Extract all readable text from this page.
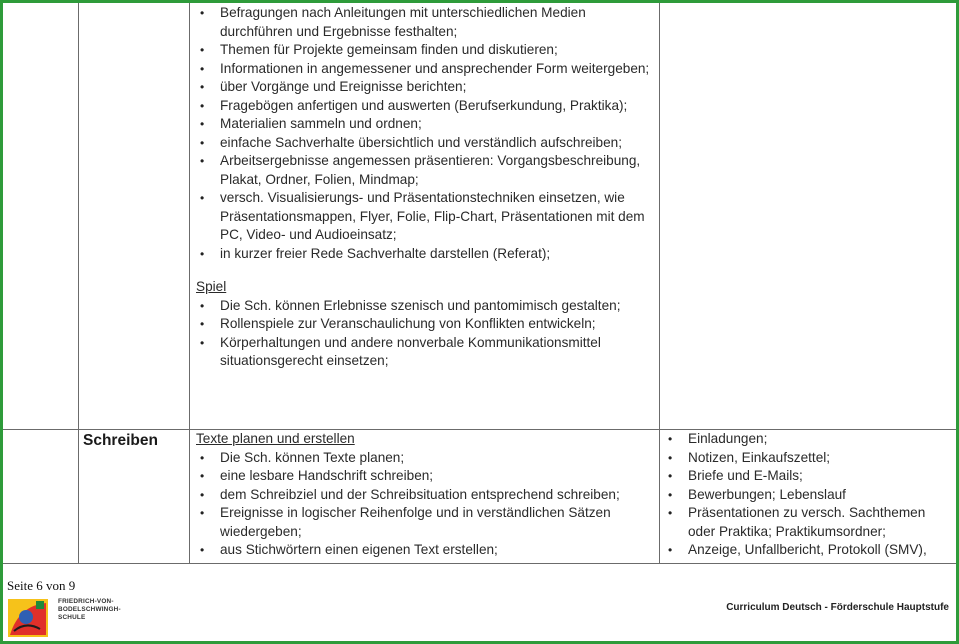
• Befragungen nach Anleitungen mit unterschiedlichen Medien durchführen und Ergebnisse festhalten;
• Themen für Projekte gemeinsam finden und diskutieren;
• Informationen in angemessener und ansprechender Form weitergeben;
• über Vorgänge und Ereignisse berichten;
• Fragebögen anfertigen und auswerten (Berufserkundung, Praktika);
• Materialien sammeln und ordnen;
• einfache Sachverhalte übersichtlich und verständlich aufschreiben;
• Arbeitsergebnisse angemessen präsentieren: Vorgangsbeschreibung, Plakat, Ordner, Folien, Mindmap;
• versch. Visualisierungs- und Präsentationstechniken einsetzen, wie Präsentationsmappen, Flyer, Folie, Flip-Chart, Präsentationen mit dem PC, Video- und Audioeinsatz;
• in kurzer freier Rede Sachverhalte darstellen (Referat);
Spiel
• Die Sch. können Erlebnisse szenisch und pantomimisch gestalten;
• Rollenspiele zur Veranschaulichung von Konflikten entwickeln;
• Körperhaltungen und andere nonverbale Kommunikationsmittel situationsgerecht einsetzen;
Schreiben	Texte planen und erstellen
• Die Sch. können Texte planen;
• eine lesbare Handschrift schreiben;
• dem Schreibziel und der Schreibsituation entsprechend schreiben;
• Ereignisse in logischer Reihenfolge und in verständlichen Sätzen wiedergeben;
• aus Stichwörtern einen eigenen Text erstellen;
• Einladungen;
• Notizen, Einkaufszettel;
• Briefe und E-Mails;
• Bewerbungen; Lebenslauf
• Präsentationen zu versch. Sachthemen oder Praktika; Praktikumsordner;
• Anzeige, Unfallbericht, Protokoll (SMV),
Seite 6 von 9
FRIEDRICH-VON-
BODELSCHWINGH-
SCHULE
Curriculum Deutsch - Förderschule Hauptstufe
